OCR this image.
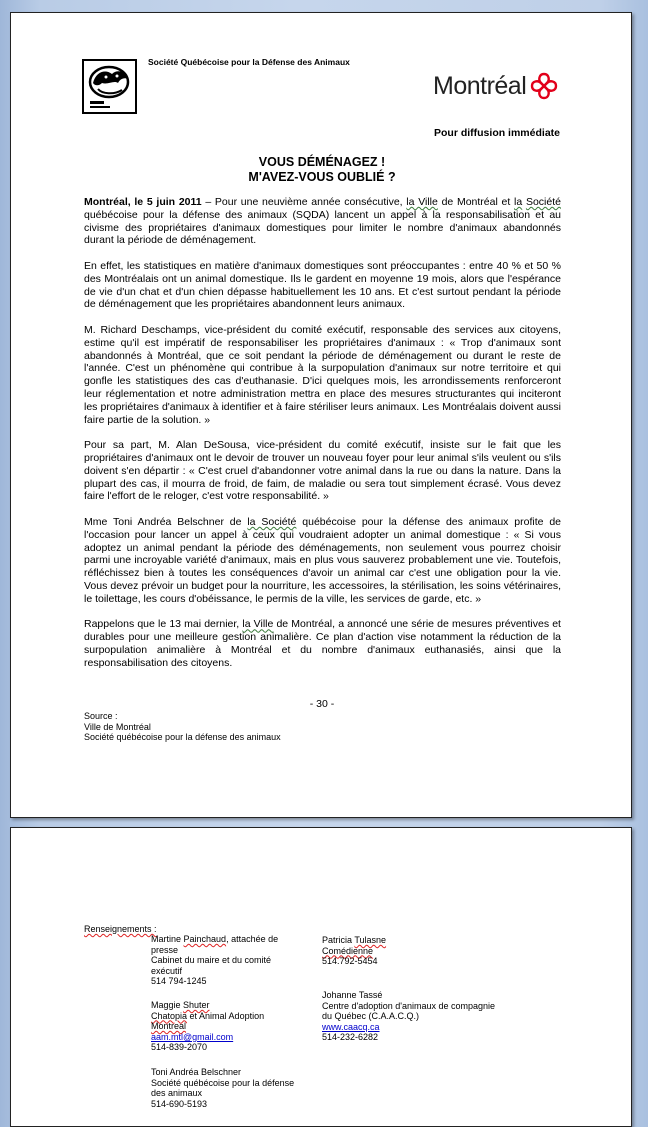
Société Québécoise pour la Défense des Animaux
Montréal
Pour diffusion immédiate
VOUS DÉMÉNAGEZ !
M'AVEZ-VOUS OUBLIÉ ?

Montréal, le 5 juin 2011 – Pour une neuvième année consécutive, la Ville de Montréal et la Société québécoise pour la défense des animaux (SQDA) lancent un appel à la responsabilisation et au civisme des propriétaires d'animaux domestiques pour limiter le nombre d'animaux abandonnés durant la période de déménagement.

En effet, les statistiques en matière d'animaux domestiques sont préoccupantes : entre 40 % et 50 % des Montréalais ont un animal domestique. Ils le gardent en moyenne 19 mois, alors que l'espérance de vie d'un chat et d'un chien dépasse habituellement les 10 ans. Et c'est surtout pendant la période de déménagement que les propriétaires abandonnent leurs animaux.

M. Richard Deschamps, vice-président du comité exécutif, responsable des services aux citoyens, estime qu'il est impératif de responsabiliser les propriétaires d'animaux : « Trop d'animaux sont abandonnés à Montréal, que ce soit pendant la période de déménagement ou durant le reste de l'année. C'est un phénomène qui contribue à la surpopulation d'animaux sur notre territoire et qui gonfle les statistiques des cas d'euthanasie. D'ici quelques mois, les arrondissements renforceront leur réglementation et notre administration mettra en place des mesures structurantes qui inciteront les propriétaires d'animaux à identifier et à faire stériliser leurs animaux. Les Montréalais doivent aussi faire partie de la solution. »

Pour sa part, M. Alan DeSousa, vice-président du comité exécutif, insiste sur le fait que les propriétaires d'animaux ont le devoir de trouver un nouveau foyer pour leur animal s'ils veulent ou s'ils doivent s'en départir : « C'est cruel d'abandonner votre animal dans la rue ou dans la nature. Dans la plupart des cas, il mourra de froid, de faim, de maladie ou sera tout simplement écrasé. Vous devez faire l'effort de le reloger, c'est votre responsabilité. »

Mme Toni Andréa Belschner de la Société québécoise pour la défense des animaux profite de l'occasion pour lancer un appel à ceux qui voudraient adopter un animal domestique : « Si vous adoptez un animal pendant la période des déménagements, non seulement vous pourrez choisir parmi une incroyable variété d'animaux, mais en plus vous sauverez probablement une vie. Toutefois, réfléchissez bien à toutes les conséquences d'avoir un animal car c'est une obligation pour la vie. Vous devez prévoir un budget pour la nourriture, les accessoires, la stérilisation, les soins vétérinaires, le toilettage, les cours d'obéissance, le permis de la ville, les services de garde, etc. »

Rappelons que le 13 mai dernier, la Ville de Montréal, a annoncé une série de mesures préventives et durables pour une meilleure gestion animalière. Ce plan d'action vise notamment la réduction de la surpopulation animalière à Montréal et du nombre d'animaux euthanasiés, ainsi que la responsabilisation des citoyens.

- 30 -
Source :
Ville de Montréal
Société québécoise pour la défense des animaux
Renseignements :
Martine Painchaud, attachée de
presse
Cabinet du maire et du comité
exécutif
514 794-1245
Maggie Shuter
Chatopia et Animal Adoption
Montreal
aam.mtl@gmail.com
514-839-2070
Toni Andréa Belschner
Société québécoise pour la défense
des animaux
514-690-5193
Patricia Tulasne
Comédienne
514.792-5454
Johanne Tassé
Centre d'adoption d'animaux de compagnie
du Québec (C.A.A.C.Q.)
www.caacq.ca
514-232-6282
